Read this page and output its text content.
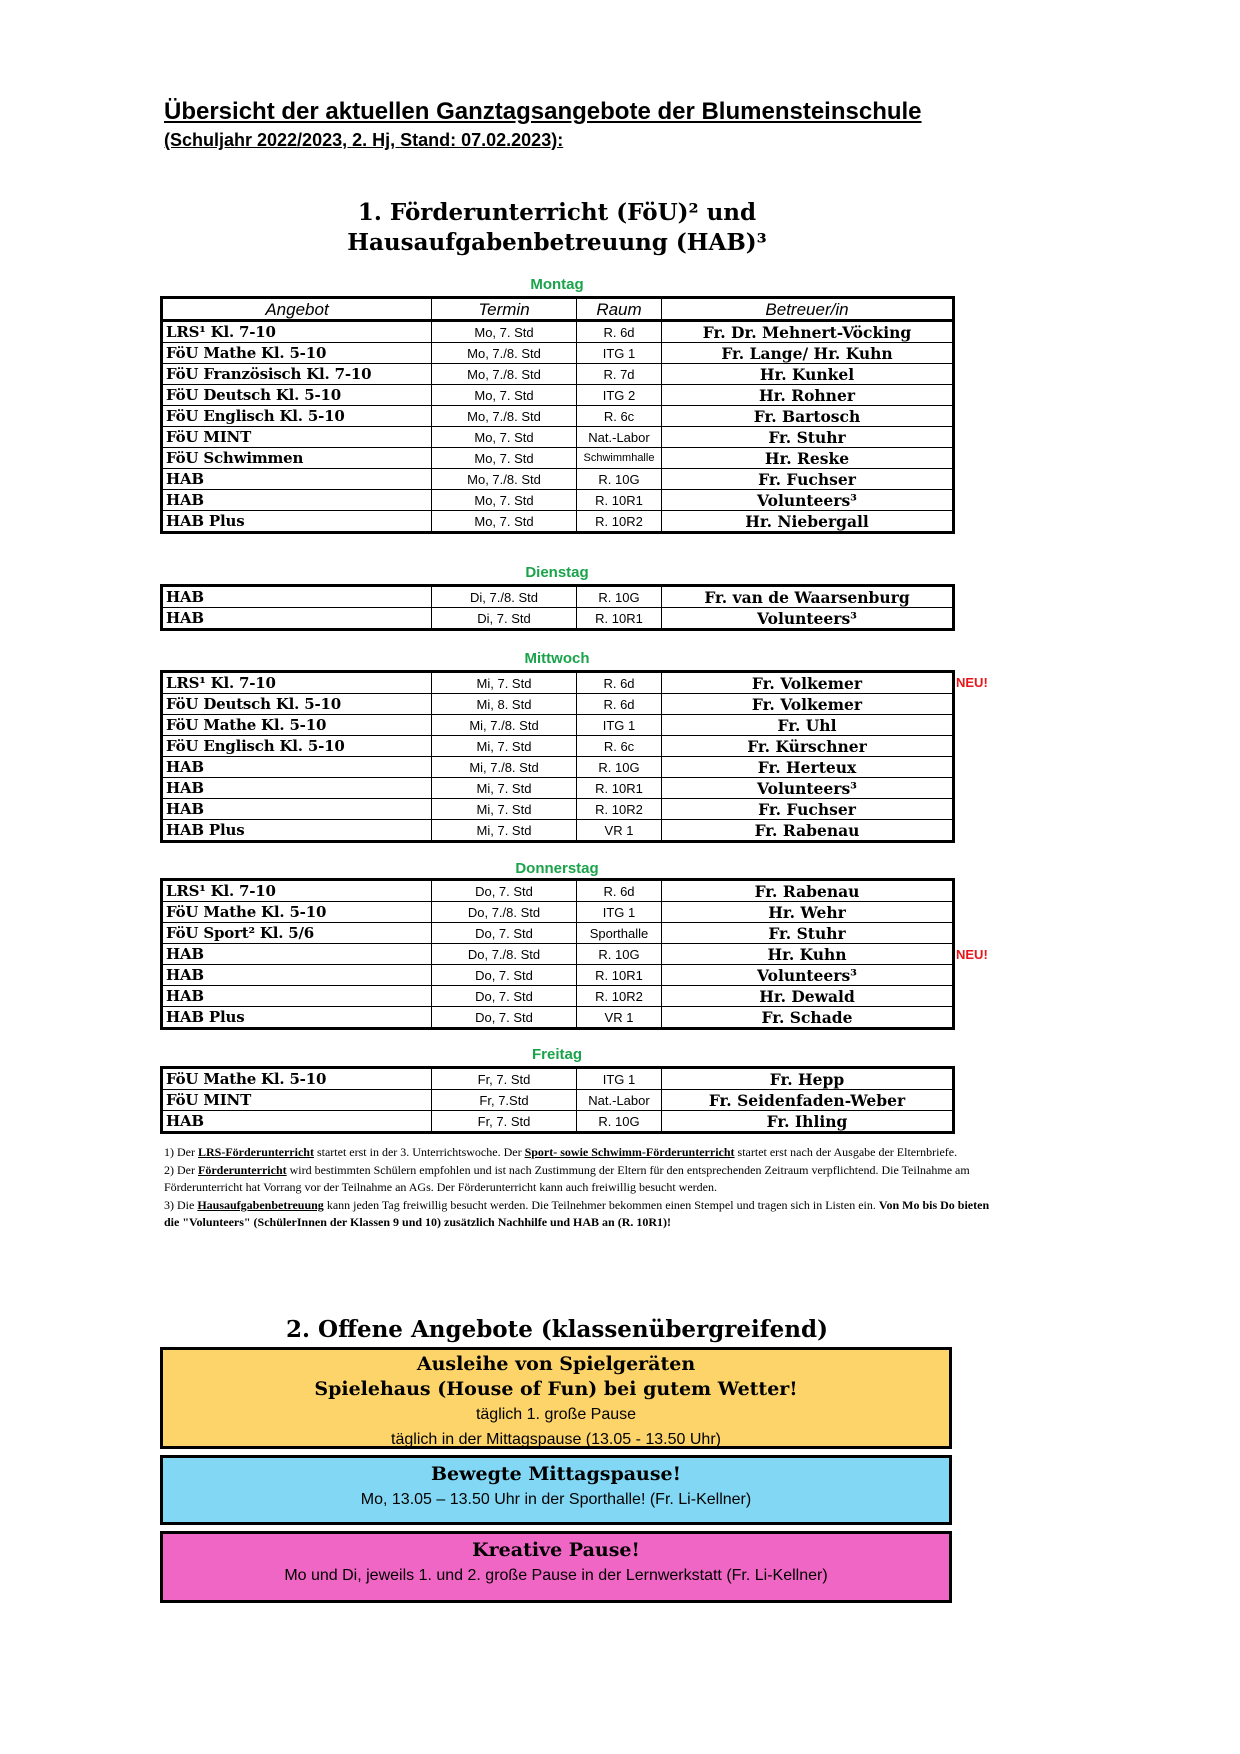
Übersicht der aktuellen Ganztagsangebote der Blumensteinschule
(Schuljahr 2022/2023, 2. Hj, Stand: 07.02.2023):
1. Förderunterricht (FöU)² und
Hausaufgabenbetreuung (HAB)³
Montag
Angebot	Termin	Raum	Betreuer/in
LRS¹ Kl. 7-10	Mo, 7. Std	R. 6d	Fr. Dr. Mehnert-Vöcking
FöU Mathe Kl. 5-10	Mo, 7./8. Std	ITG 1	Fr. Lange/ Hr. Kuhn
FöU Französisch Kl. 7-10	Mo, 7./8. Std	R. 7d	Hr. Kunkel
FöU Deutsch Kl. 5-10	Mo, 7. Std	ITG 2	Hr. Rohner
FöU Englisch Kl. 5-10	Mo, 7./8. Std	R. 6c	Fr. Bartosch
FöU MINT	Mo, 7. Std	Nat.-Labor	Fr. Stuhr
FöU Schwimmen	Mo, 7. Std	Schwimmhalle	Hr. Reske
HAB	Mo, 7./8. Std	R. 10G	Fr. Fuchser
HAB	Mo, 7. Std	R. 10R1	Volunteers³
HAB Plus	Mo, 7. Std	R. 10R2	Hr. Niebergall
Dienstag
HAB	Di, 7./8. Std	R. 10G	Fr. van de Waarsenburg
HAB	Di, 7. Std	R. 10R1	Volunteers³
Mittwoch
LRS¹ Kl. 7-10	Mi, 7. Std	R. 6d	Fr. Volkemer
FöU Deutsch Kl. 5-10	Mi, 8. Std	R. 6d	Fr. Volkemer
FöU Mathe Kl. 5-10	Mi, 7./8. Std	ITG 1	Fr. Uhl
FöU Englisch Kl. 5-10	Mi, 7. Std	R. 6c	Fr. Kürschner
HAB	Mi, 7./8. Std	R. 10G	Fr. Herteux
HAB	Mi, 7. Std	R. 10R1	Volunteers³
HAB	Mi, 7. Std	R. 10R2	Fr. Fuchser
HAB Plus	Mi, 7. Std	VR 1	Fr. Rabenau
NEU!
Donnerstag
LRS¹ Kl. 7-10	Do, 7. Std	R. 6d	Fr. Rabenau
FöU Mathe Kl. 5-10	Do, 7./8. Std	ITG 1	Hr. Wehr
FöU Sport² Kl. 5/6	Do, 7. Std	Sporthalle	Fr. Stuhr
HAB	Do, 7./8. Std	R. 10G	Hr. Kuhn
HAB	Do, 7. Std	R. 10R1	Volunteers³
HAB	Do, 7. Std	R. 10R2	Hr. Dewald
HAB Plus	Do, 7. Std	VR 1	Fr. Schade
NEU!
Freitag
FöU Mathe Kl. 5-10	Fr, 7. Std	ITG 1	Fr. Hepp
FöU MINT	Fr, 7.Std	Nat.-Labor	Fr. Seidenfaden-Weber
HAB	Fr, 7. Std	R. 10G	Fr. Ihling

1) Der LRS-Förderunterricht startet erst in der 3. Unterrichtswoche. Der Sport- sowie Schwimm-Förderunterricht startet erst nach der Ausgabe der Elternbriefe.

2) Der Förderunterricht wird bestimmten Schülern empfohlen und ist nach Zustimmung der Eltern für den entsprechenden Zeitraum verpflichtend. Die Teilnahme am Förderunterricht hat Vorrang vor der Teilnahme an AGs. Der Förderunterricht kann auch freiwillig besucht werden.

3) Die Hausaufgabenbetreuung kann jeden Tag freiwillig besucht werden. Die Teilnehmer bekommen einen Stempel und tragen sich in Listen ein. Von Mo bis Do bieten die "Volunteers" (SchülerInnen der Klassen 9 und 10) zusätzlich Nachhilfe und HAB an (R. 10R1)!

2. Offene Angebote (klassenübergreifend)
Ausleihe von Spielgeräten
Spielehaus (House of Fun) bei gutem Wetter!
täglich 1. große Pause
täglich in der Mittagspause (13.05 - 13.50 Uhr)
Bewegte Mittagspause!
Mo, 13.05 – 13.50 Uhr in der Sporthalle! (Fr. Li-Kellner)
Kreative Pause!
Mo und Di, jeweils 1. und 2. große Pause in der Lernwerkstatt (Fr. Li-Kellner)
